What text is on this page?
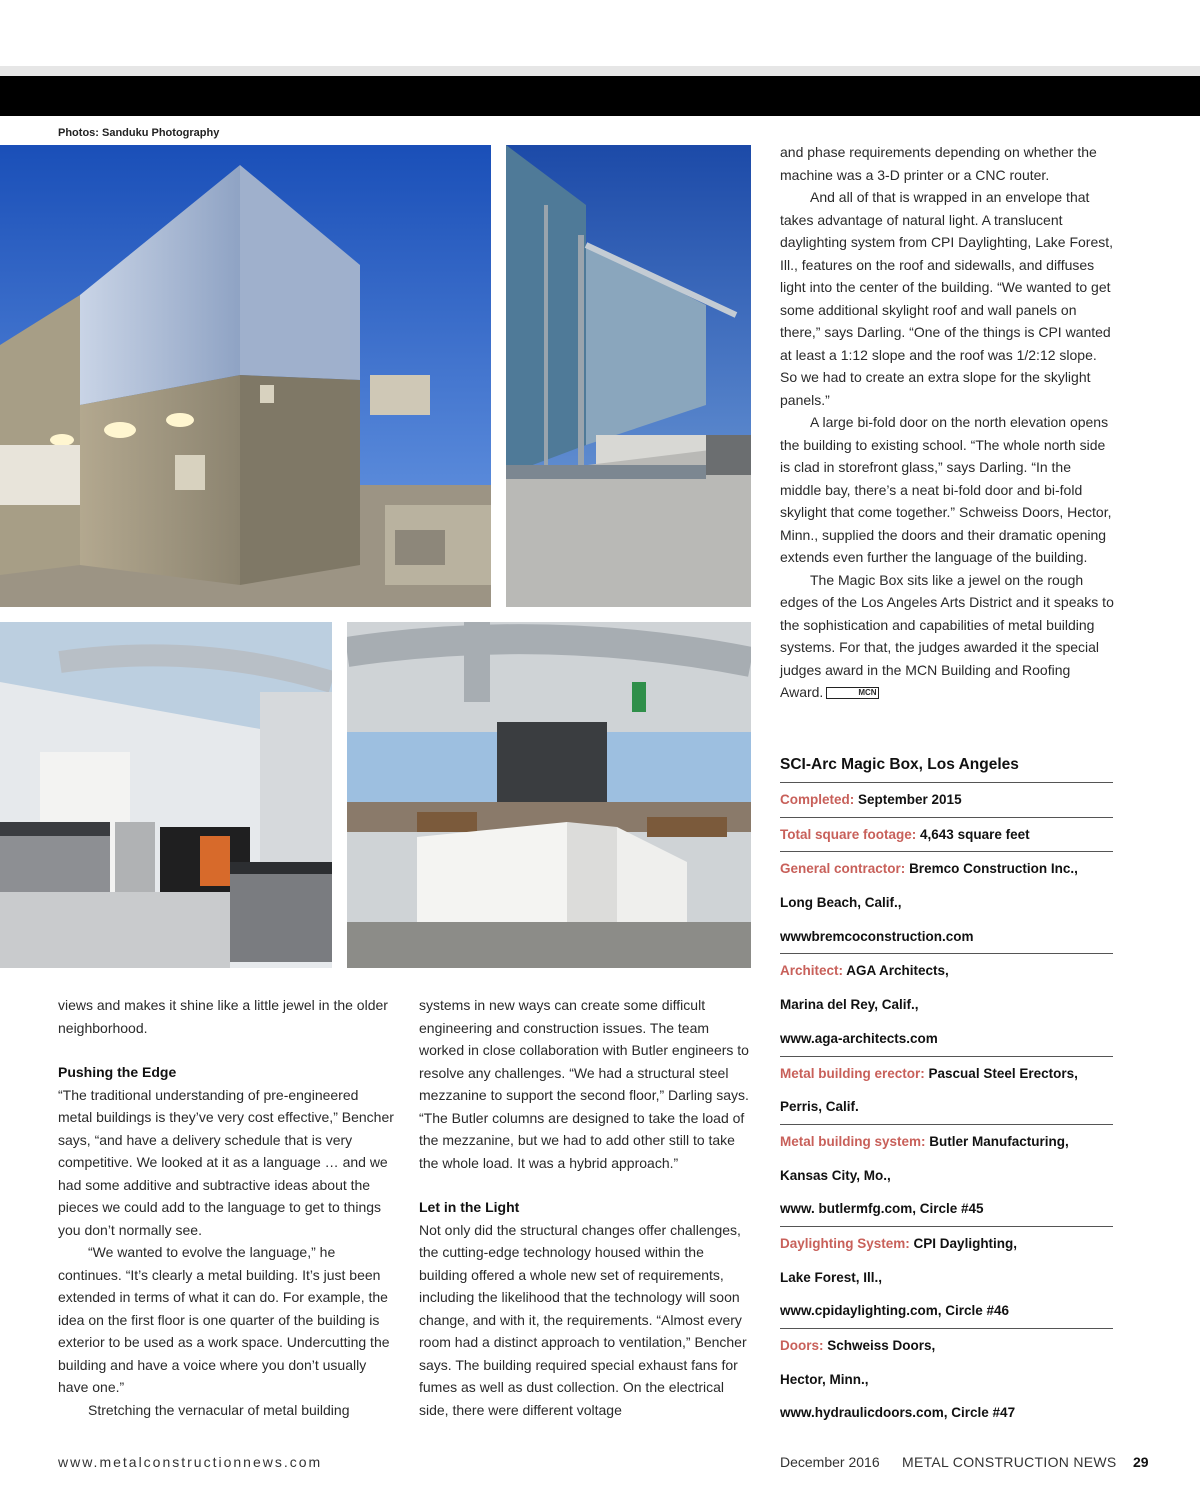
Photos: Sanduku Photography

and phase requirements depending on whether the machine was a 3-D printer or a CNC router.

And all of that is wrapped in an envelope that takes advantage of natural light. A translucent daylighting system from CPI Daylighting, Lake Forest, Ill., features on the roof and sidewalls, and diffuses light into the center of the building. “We wanted to get some additional skylight roof and wall panels on there,” says Darling. “One of the things is CPI wanted at least a 1:12 slope and the roof was 1/2:12 slope. So we had to create an extra slope for the skylight panels.”

A large bi-fold door on the north elevation opens the building to existing school. “The whole north side is clad in storefront glass,” says Darling. “In the middle bay, there’s a neat bi-fold door and bi-fold skylight that come together.” Schweiss Doors, Hector, Minn., supplied the doors and their dramatic opening extends even further the language of the building.

The Magic Box sits like a jewel on the rough edges of the Los Angeles Arts District and it speaks to the sophistication and capabilities of metal building systems. For that, the judges awarded it the special judges award in the MCN Building and Roofing Award.	MCN

views and makes it shine like a little jewel in the older neighborhood.

Pushing the Edge

“The traditional understanding of pre-engineered metal buildings is they’ve very cost effective,” Bencher says, “and have a delivery schedule that is very competitive. We looked at it as a language … and we had some additive and subtractive ideas about the pieces we could add to the language to get to things you don’t normally see.

“We wanted to evolve the language,” he continues. “It’s clearly a metal building. It’s just been extended in terms of what it can do. For example, the idea on the first floor is one quarter of the building is exterior to be used as a work space. Undercutting the building and have a voice where you don’t usually have one.”

Stretching the vernacular of metal building

systems in new ways can create some difficult engineering and construction issues. The team worked in close collaboration with Butler engineers to resolve any challenges. “We had a structural steel mezzanine to support the second floor,” Darling says. “The Butler columns are designed to take the load of the mezzanine, but we had to add other still to take the whole load. It was a hybrid approach.”

Let in the Light

Not only did the structural changes offer challenges, the cutting-edge technology housed within the building offered a whole new set of requirements, including the likelihood that the technology will soon change, and with it, the requirements. “Almost every room had a distinct approach to ventilation,” Bencher says. The building required special exhaust fans for fumes as well as dust collection. On the electrical side, there were different voltage

SCI-Arc Magic Box, Los Angeles
Completed: September 2015
Total square footage: 4,643 square feet
General contractor: Bremco Construction Inc.,
Long Beach, Calif.,
wwwbremcoconstruction.com
Architect: AGA Architects,
Marina del Rey, Calif.,
www.aga-architects.com
Metal building erector: Pascual Steel Erectors,
Perris, Calif.
Metal building system: Butler Manufacturing,
Kansas City, Mo.,
www. butlermfg.com, Circle #45
Daylighting System: CPI Daylighting,
Lake Forest, Ill.,
www.cpidaylighting.com, Circle #46
Doors: Schweiss Doors,
Hector, Minn.,
www.hydraulicdoors.com, Circle #47
www.metalconstructionnews.com	December 2016 METAL CONSTRUCTION NEWS 29
